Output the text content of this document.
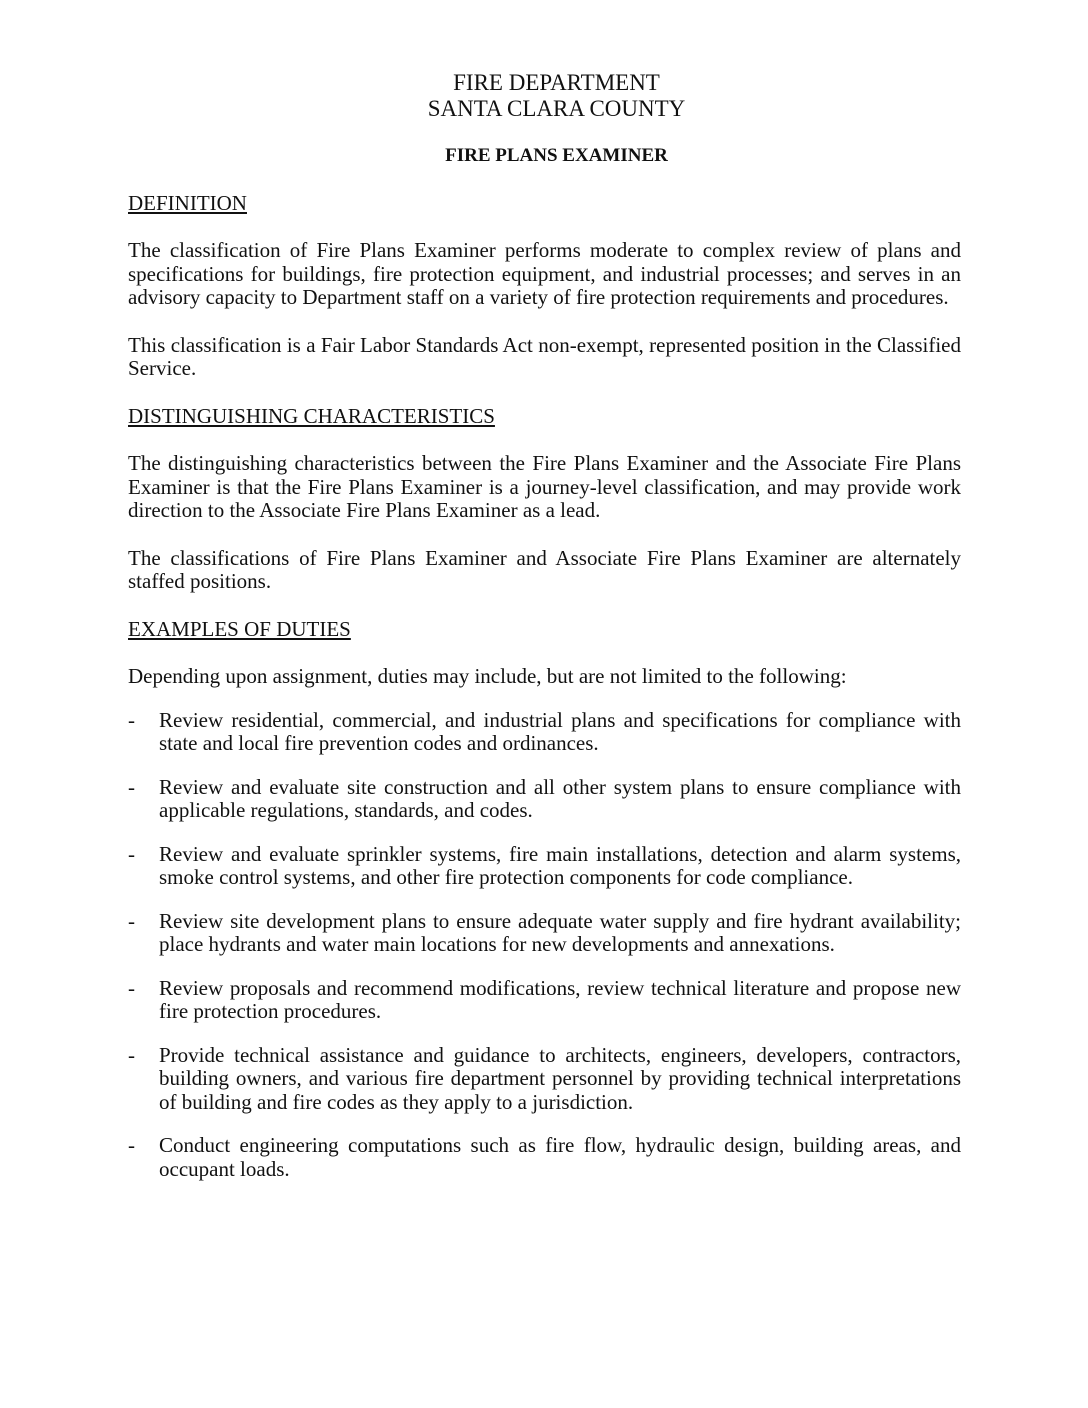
FIRE DEPARTMENT
SANTA CLARA COUNTY
FIRE PLANS EXAMINER
DEFINITION
The classification of Fire Plans Examiner performs moderate to complex review of plans and specifications for buildings, fire protection equipment, and industrial processes; and serves in an advisory capacity to Department staff on a variety of fire protection requirements and procedures.
This classification is a Fair Labor Standards Act non-exempt, represented position in the Classified Service.
DISTINGUISHING CHARACTERISTICS
The distinguishing characteristics between the Fire Plans Examiner and the Associate Fire Plans Examiner is that the Fire Plans Examiner is a journey-level classification, and may provide work direction to the Associate Fire Plans Examiner as a lead.
The classifications of Fire Plans Examiner and Associate Fire Plans Examiner are alternately staffed positions.
EXAMPLES OF DUTIES
Depending upon assignment, duties may include, but are not limited to the following:
- Review residential, commercial, and industrial plans and specifications for compliance with state and local fire prevention codes and ordinances.
- Review and evaluate site construction and all other system plans to ensure compliance with applicable regulations, standards, and codes.
- Review and evaluate sprinkler systems, fire main installations, detection and alarm systems, smoke control systems, and other fire protection components for code compliance.
- Review site development plans to ensure adequate water supply and fire hydrant availability; place hydrants and water main locations for new developments and annexations.
- Review proposals and recommend modifications, review technical literature and propose new fire protection procedures.
- Provide technical assistance and guidance to architects, engineers, developers, contractors, building owners, and various fire department personnel by providing technical interpretations of building and fire codes as they apply to a jurisdiction.
- Conduct engineering computations such as fire flow, hydraulic design, building areas, and occupant loads.
